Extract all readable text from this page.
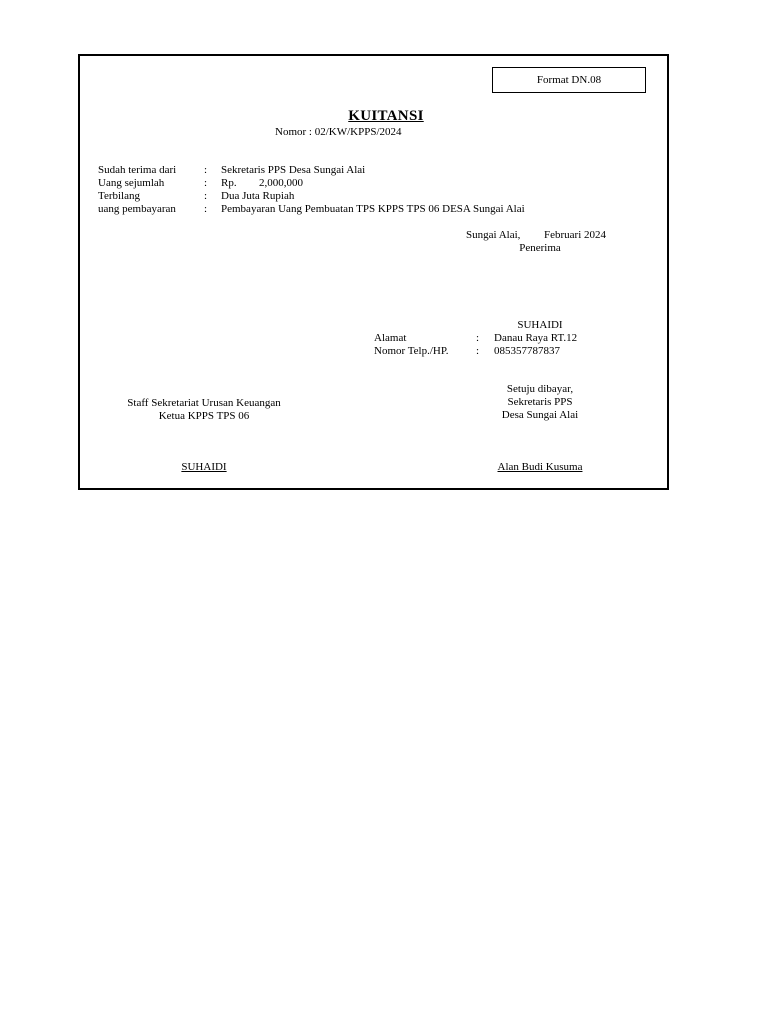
Format DN.08
KUITANSI
Nomor : 02/KW/KPPS/2024
Sudah terima dari	: Sekretaris PPS Desa Sungai Alai
Uang sejumlah	: Rp. 2,000,000
Terbilang	: Dua Juta Rupiah
uang pembayaran	: Pembayaran Uang Pembuatan TPS KPPS TPS 06 DESA Sungai Alai
Sungai Alai, Februari 2024
Penerima
SUHAIDI
Alamat	: Danau Raya RT.12
Nomor Telp./HP. : 085357787837
Setuju dibayar,
Sekretaris PPS
Desa Sungai Alai
Alan Budi Kusuma
Staff Sekretariat Urusan Keuangan
Ketua KPPS TPS 06
SUHAIDI
